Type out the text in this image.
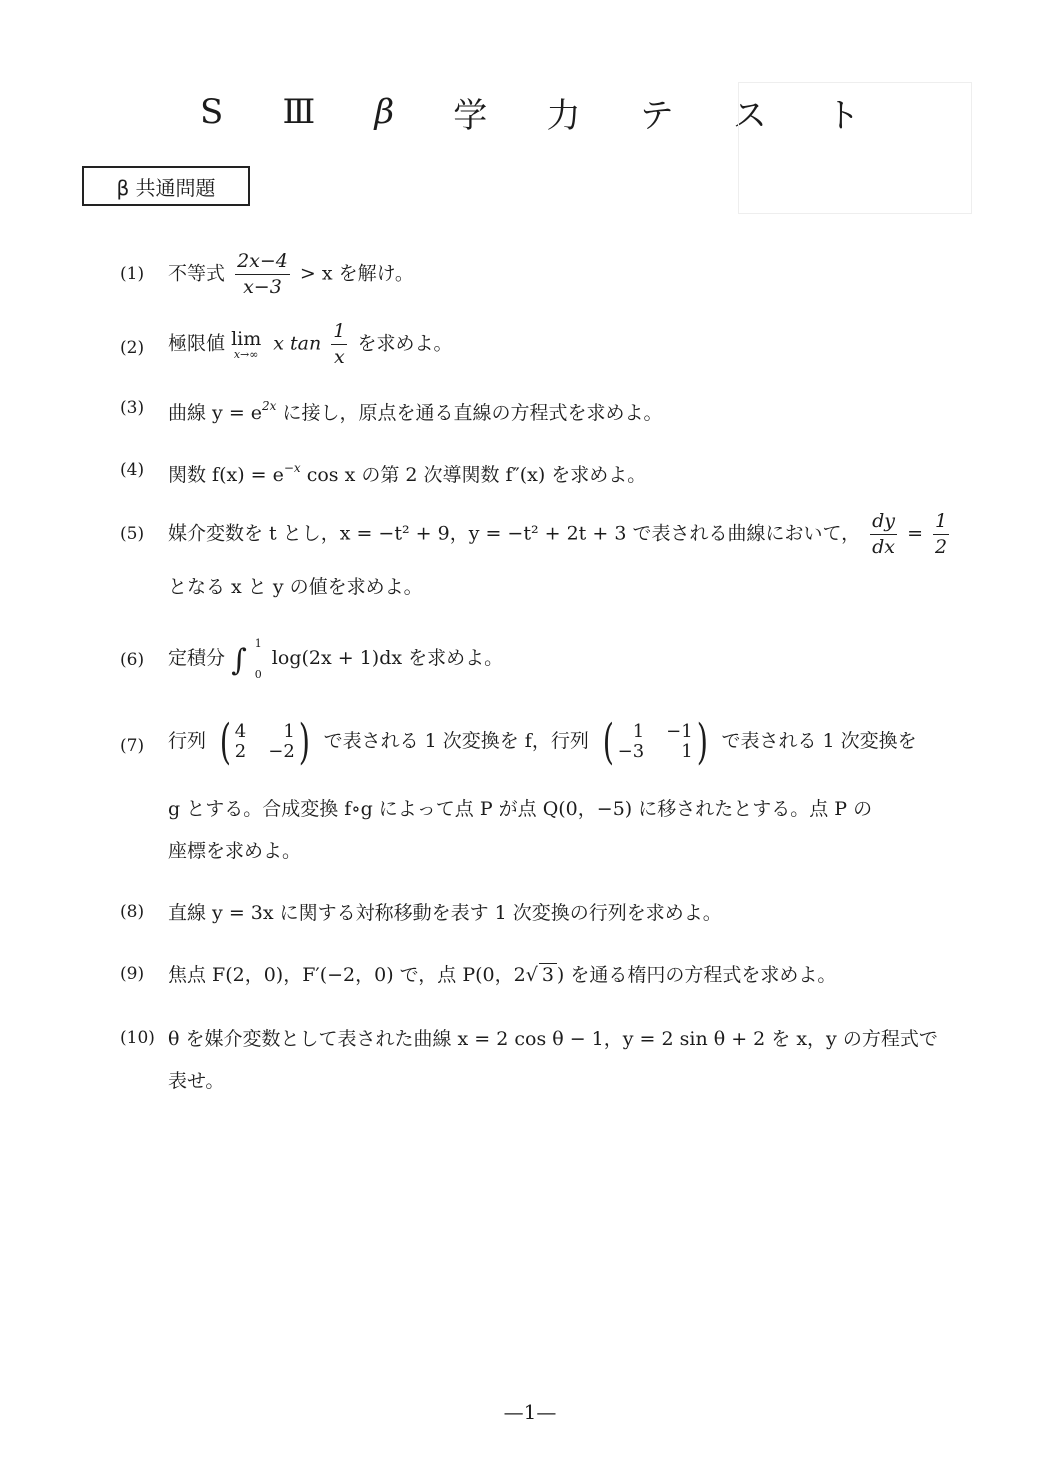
S Ⅲ β 学 力 テ ス ト
β 共通問題
(1) 不等式 $\frac{2x-4}{x-3} > x$ を解け。
(2) 極限値 lim
x→∞ x $\tan \frac{1}{x}$ を求めよ。
(3) 曲線 $y = e^{2x}$ に接し，原点を通る直線の方程式を求めよ。
(4) 関数 $f(x) = e^{-x}$ cos x の第 2 次導関数 f″(x) を求めよ。
(5) 媒介変数を t とし，x = −t² + 9，y = −t² + 2t + 3 で表される曲線において， $\frac{dy}{dx} = \frac{1}{2}$
となる x と y の値を求めよ。
(6) 定積分 ∫ 1
0
log(2x + 1)dx を求めよ。
(7) 行列 ( 4	1
2 −2 ) で表される 1 次変換を f，行列 (	1 −1
−3	1 ) で表される 1 次変換を
g とする。合成変換 f∘g によって点 P が点 Q(0，−5) に移されたとする。点 P の
座標を求めよ。
(8) 直線 y = 3x に関する対称移動を表す 1 次変換の行列を求めよ。
(9) 焦点 F(2，0)，F′(−2，0) で，点 P(0，2√ 3 ) を通る楕円の方程式を求めよ。
(10) θ を媒介変数として表された曲線 x = 2 cos θ − 1，y = 2 sin θ + 2 を x，y の方程式で
表せ。
—1—
